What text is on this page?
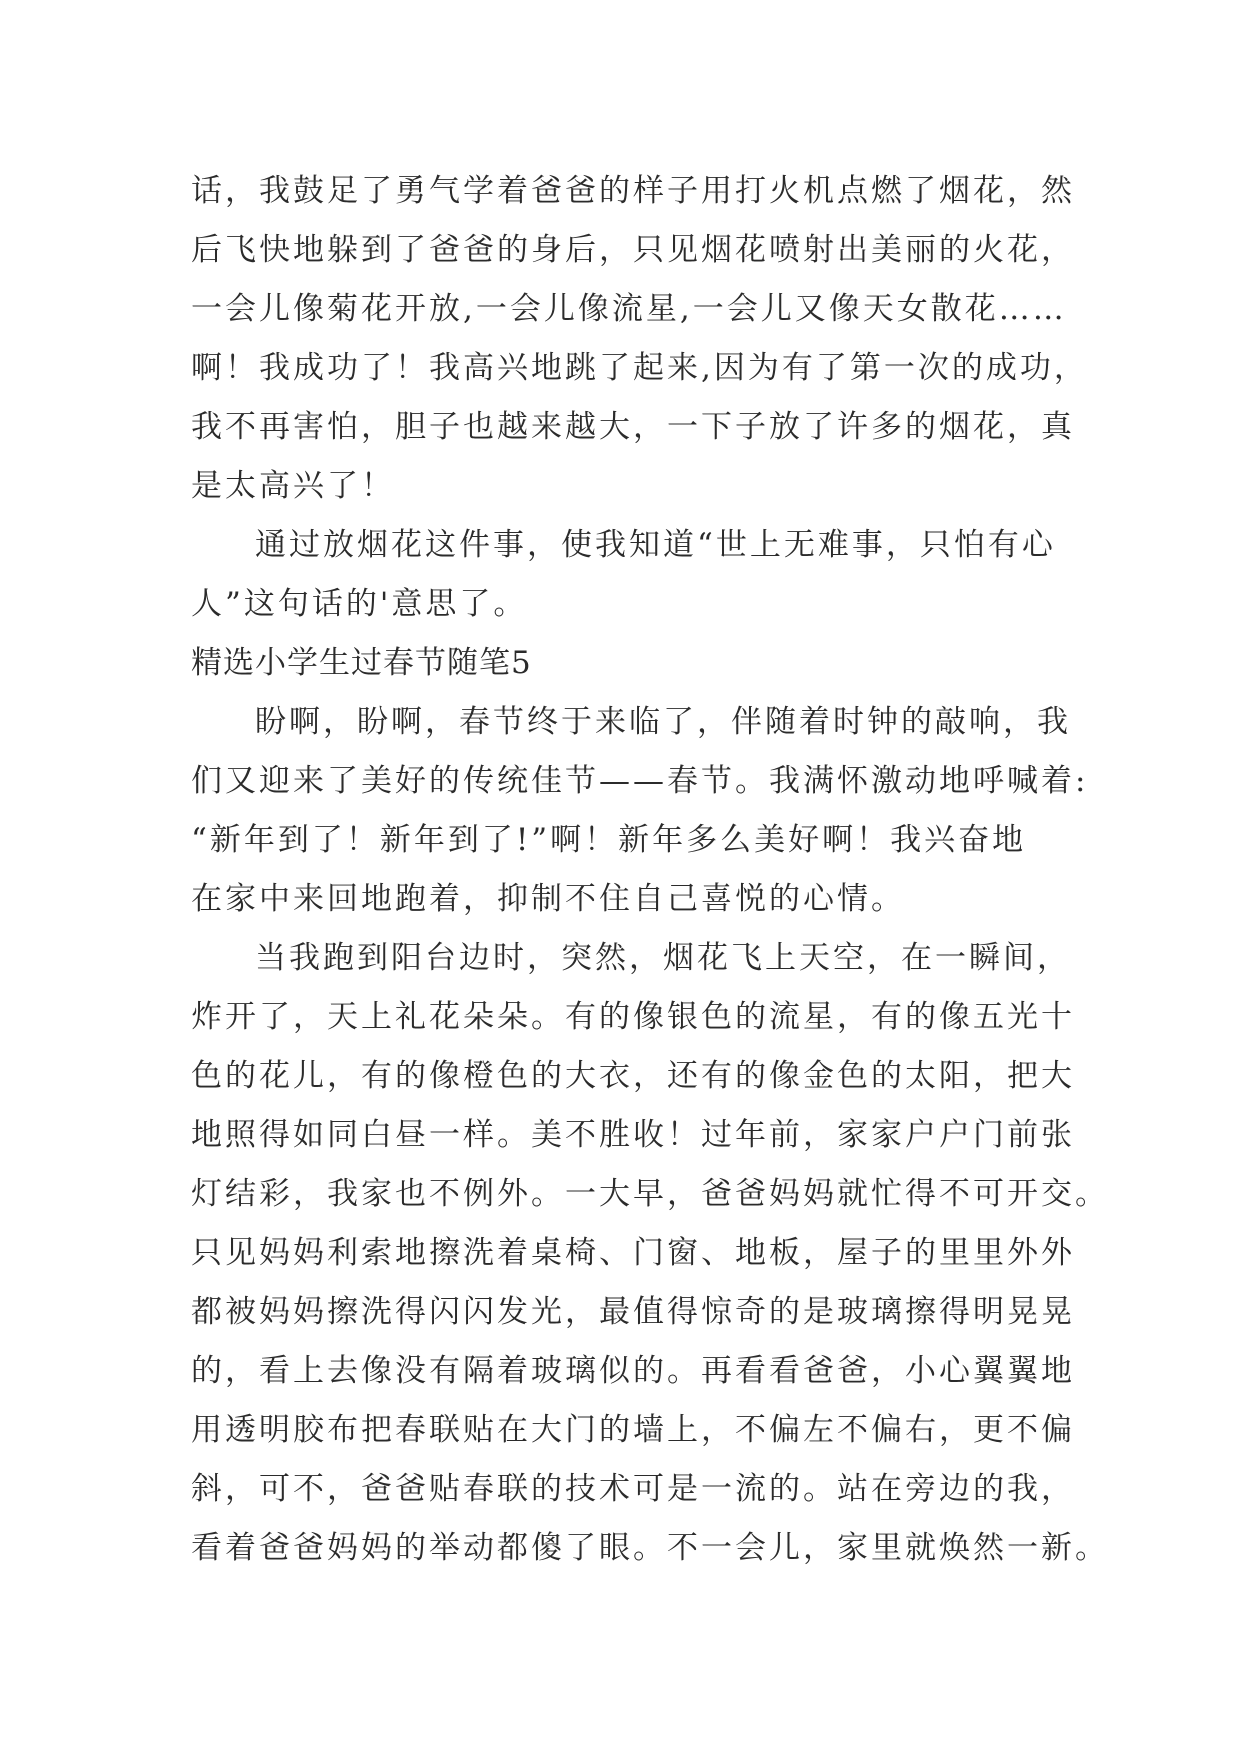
话，我鼓足了勇气学着爸爸的样子用打火机点燃了烟花，然
后飞快地躲到了爸爸的身后，只见烟花喷射出美丽的火花，
一会儿像菊花开放,一会儿像流星,一会儿又像天女散花……
啊！我成功了！我高兴地跳了起来,因为有了第一次的成功，
我不再害怕，胆子也越来越大，一下子放了许多的烟花，真
是太高兴了！
通过放烟花这件事，使我知道“世上无难事，只怕有心
人”这句话的'意思了。
精选小学生过春节随笔5
盼啊，盼啊，春节终于来临了，伴随着时钟的敲响，我
们又迎来了美好的传统佳节——春节。我满怀激动地呼喊着:
“新年到了！新年到了!”啊！新年多么美好啊！我兴奋地
在家中来回地跑着，抑制不住自己喜悦的心情。
当我跑到阳台边时，突然，烟花飞上天空，在一瞬间，
炸开了，天上礼花朵朵。有的像银色的流星，有的像五光十
色的花儿，有的像橙色的大衣，还有的像金色的太阳，把大
地照得如同白昼一样。美不胜收！过年前，家家户户门前张
灯结彩，我家也不例外。一大早，爸爸妈妈就忙得不可开交。
只见妈妈利索地擦洗着桌椅、门窗、地板，屋子的里里外外
都被妈妈擦洗得闪闪发光，最值得惊奇的是玻璃擦得明晃晃
的，看上去像没有隔着玻璃似的。再看看爸爸，小心翼翼地
用透明胶布把春联贴在大门的墙上，不偏左不偏右，更不偏
斜，可不，爸爸贴春联的技术可是一流的。站在旁边的我，
看着爸爸妈妈的举动都傻了眼。不一会儿，家里就焕然一新。
